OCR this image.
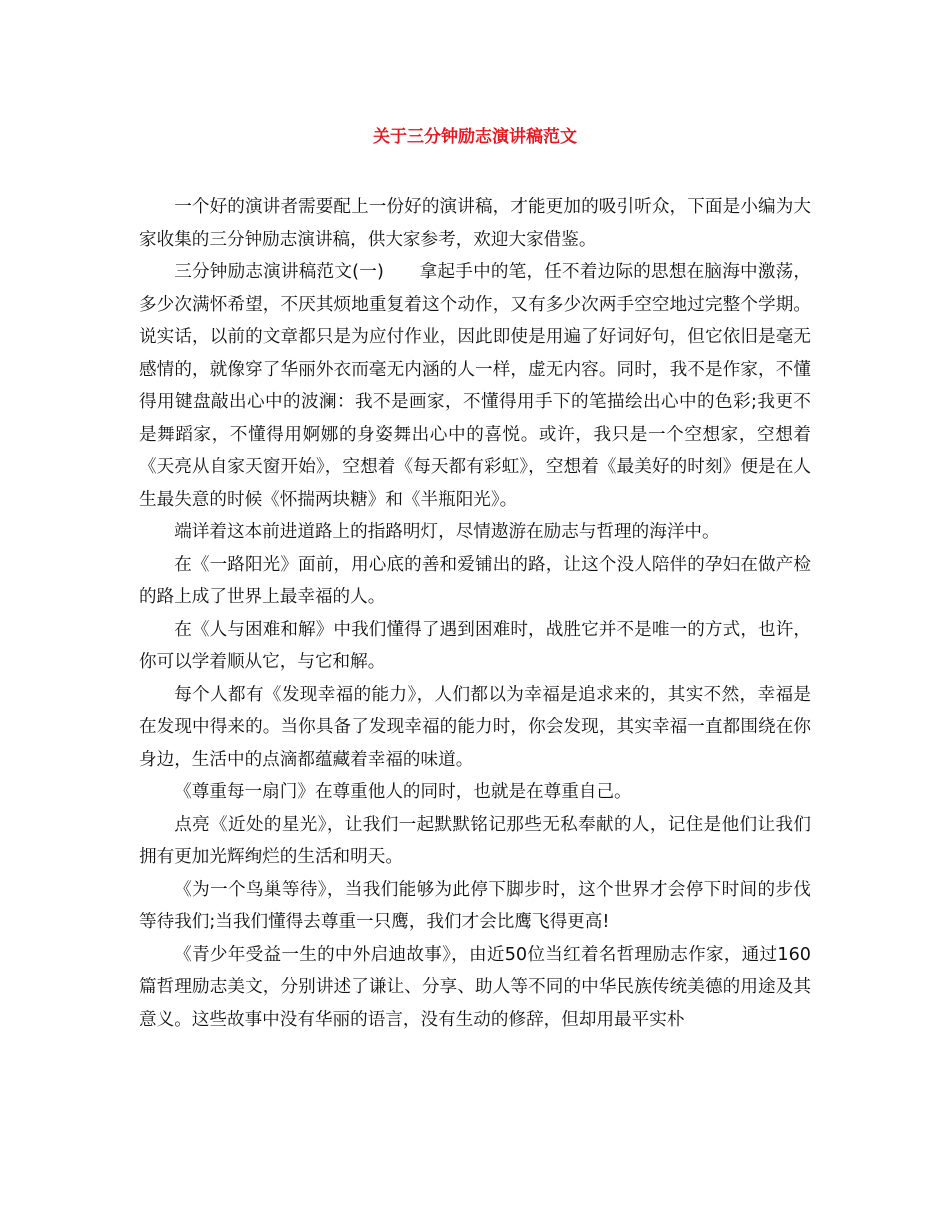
关于三分钟励志演讲稿范文

一个好的演讲者需要配上一份好的演讲稿，才能更加的吸引听众，下面是小编为大家收集的三分钟励志演讲稿，供大家参考，欢迎大家借鉴。

三分钟励志演讲稿范文(一)　　拿起手中的笔，任不着边际的思想在脑海中激荡，多少次满怀希望，不厌其烦地重复着这个动作，又有多少次两手空空地过完整个学期。说实话，以前的文章都只是为应付作业，因此即使是用遍了好词好句，但它依旧是毫无感情的，就像穿了华丽外衣而毫无内涵的人一样，虚无内容。同时，我不是作家，不懂得用键盘敲出心中的波澜：我不是画家，不懂得用手下的笔描绘出心中的色彩;我更不是舞蹈家，不懂得用婀娜的身姿舞出心中的喜悦。或许，我只是一个空想家，空想着《天亮从自家天窗开始》，空想着《每天都有彩虹》，空想着《最美好的时刻》便是在人生最失意的时候《怀揣两块糖》和《半瓶阳光》。

端详着这本前进道路上的指路明灯，尽情遨游在励志与哲理的海洋中。

在《一路阳光》面前，用心底的善和爱铺出的路，让这个没人陪伴的孕妇在做产检的路上成了世界上最幸福的人。

在《人与困难和解》中我们懂得了遇到困难时，战胜它并不是唯一的方式，也许，你可以学着顺从它，与它和解。

每个人都有《发现幸福的能力》，人们都以为幸福是追求来的，其实不然，幸福是在发现中得来的。当你具备了发现幸福的能力时，你会发现，其实幸福一直都围绕在你身边，生活中的点滴都蕴藏着幸福的味道。

《尊重每一扇门》在尊重他人的同时，也就是在尊重自己。

点亮《近处的星光》，让我们一起默默铭记那些无私奉献的人，记住是他们让我们拥有更加光辉绚烂的生活和明天。

《为一个鸟巢等待》，当我们能够为此停下脚步时，这个世界才会停下时间的步伐等待我们;当我们懂得去尊重一只鹰，我们才会比鹰飞得更高!

《青少年受益一生的中外启迪故事》，由近50位当红着名哲理励志作家，通过160篇哲理励志美文，分别讲述了谦让、分享、助人等不同的中华民族传统美德的用途及其意义。这些故事中没有华丽的语言，没有生动的修辞，但却用最平实朴
